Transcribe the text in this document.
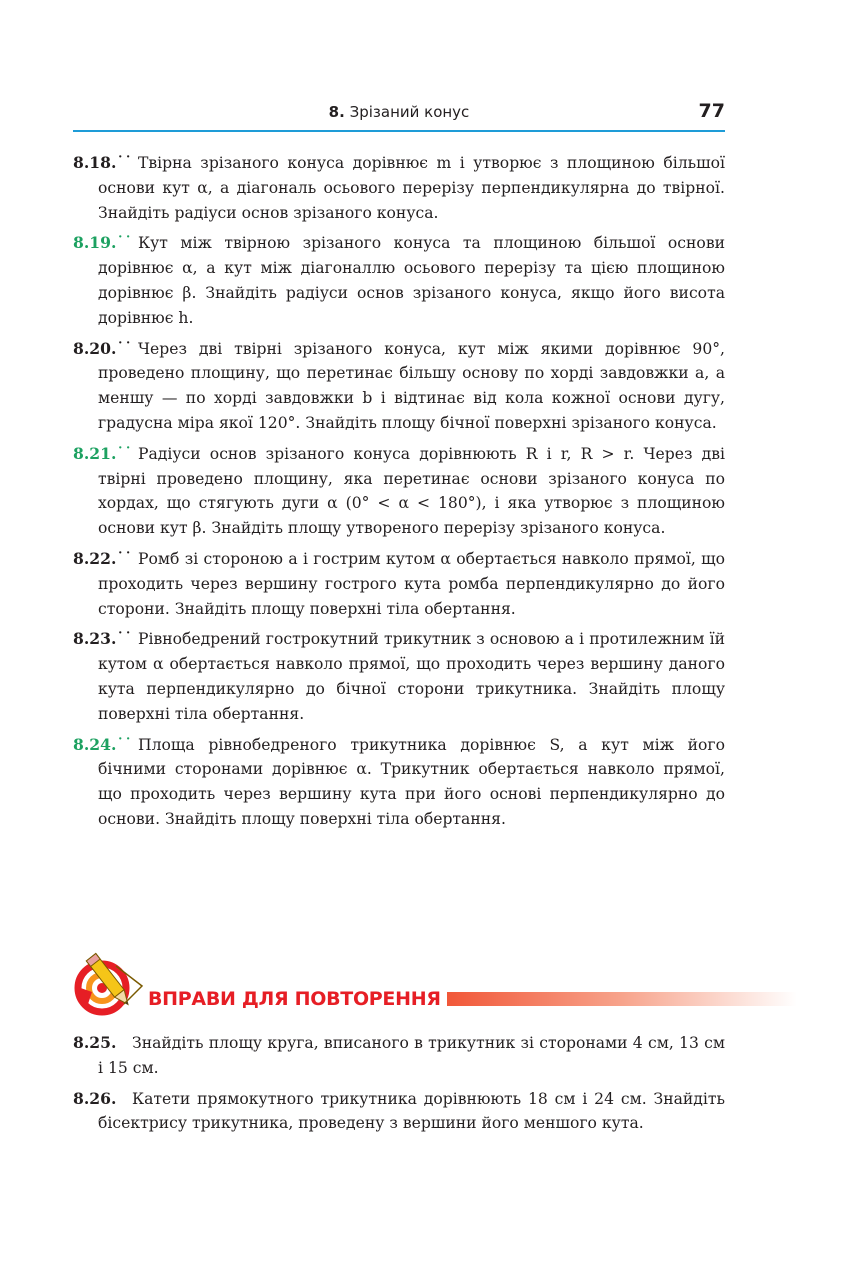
8. Зрізаний конус	77
8.18.˙˙ Твірна зрізаного конуса дорівнює m і утворює з площиною більшої основи кут α, а діагональ осьового перерізу перпендикулярна до твірної. Знайдіть радіуси основ зрізаного конуса.
8.19.˙˙ Кут між твірною зрізаного конуса та площиною більшої основи дорівнює α, а кут між діагоналлю осьового перерізу та цією площиною дорівнює β. Знайдіть радіуси основ зрізаного конуса, якщо його висота дорівнює h.
8.20.˙˙ Через дві твірні зрізаного конуса, кут між якими дорівнює 90°, проведено площину, що перетинає більшу основу по хорді завдовжки a, а меншу — по хорді завдовжки b і відтинає від кола кожної основи дугу, градусна міра якої 120°. Знайдіть площу бічної поверхні зрізаного конуса.
8.21.˙˙ Радіуси основ зрізаного конуса дорівнюють R і r, R > r. Через дві твірні проведено площину, яка перетинає основи зрізаного конуса по хордах, що стягують дуги α (0° < α < 180°), і яка утворює з площиною основи кут β. Знайдіть площу утвореного перерізу зрізаного конуса.
8.22.˙˙ Ромб зі стороною a і гострим кутом α обертається навколо прямої, що проходить через вершину гострого кута ромба перпендикулярно до його сторони. Знайдіть площу поверхні тіла обертання.
8.23.˙˙ Рівнобедрений гострокутний трикутник з основою a і протилежним їй кутом α обертається навколо прямої, що проходить через вершину даного кута перпендикулярно до бічної сторони трикутника. Знайдіть площу поверхні тіла обертання.
8.24.˙˙ Площа рівнобедреного трикутника дорівнює S, а кут між його бічними сторонами дорівнює α. Трикутник обертається навколо прямої, що проходить через вершину кута при його основі перпендикулярно до основи. Знайдіть площу поверхні тіла обертання.
ВПРАВИ ДЛЯ ПОВТОРЕННЯ
8.25. Знайдіть площу круга, вписаного в трикутник зі сторонами 4 см, 13 см і 15 см.
8.26. Катети прямокутного трикутника дорівнюють 18 см і 24 см. Знайдіть бісектрису трикутника, проведену з вершини його меншого кута.
